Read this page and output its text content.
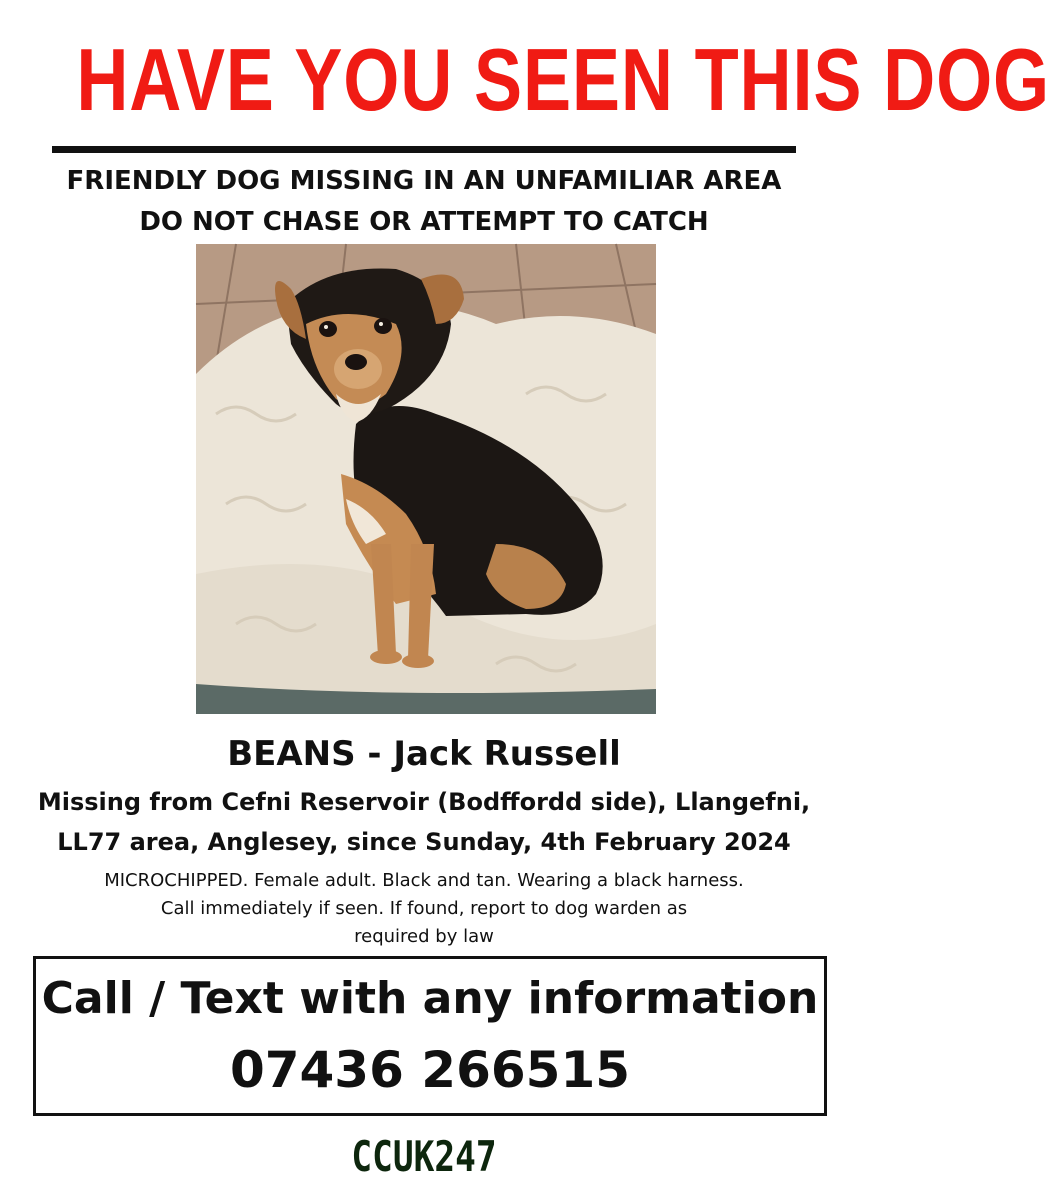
HAVE YOU SEEN THIS DOG
FRIENDLY DOG MISSING IN AN UNFAMILIAR AREA
DO NOT CHASE OR ATTEMPT TO CATCH
BEANS - Jack Russell
Missing from Cefni Reservoir (Bodffordd side), Llangefni,
LL77 area, Anglesey, since Sunday, 4th February 2024
MICROCHIPPED. Female adult. Black and tan. Wearing a black harness.
Call immediately if seen. If found, report to dog warden as
required by law
Call / Text with any information
07436 266515
CCUK247
